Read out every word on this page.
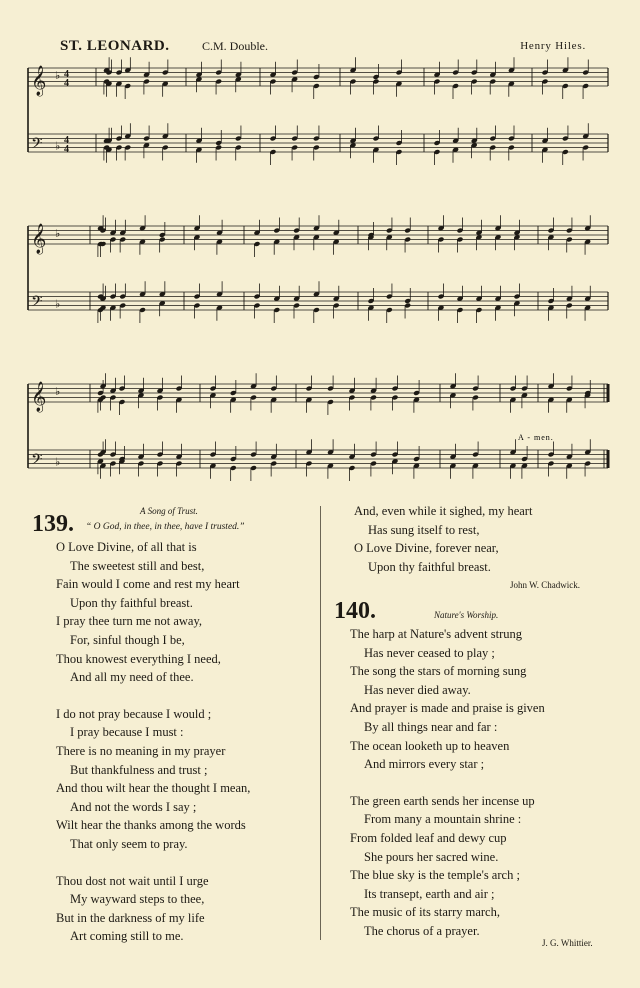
ST. LEONARD.	C.M. Double.	Henry Hiles.
A - men.
𝄞 4
4
♭
𝄢 4
4
♭
𝄞 ♭
𝄢 ♭
𝄞 ♭
𝄢 ♭
A Song of Trust.
139. “ O God, in thee, in thee, have I trusted.”
O Love Divine, of all that is
The sweetest still and best,
Fain would I come and rest my heart
Upon thy faithful breast.
I pray thee turn me not away,
For, sinful though I be,
Thou knowest everything I need,
And all my need of thee.
I do not pray because I would ;
I pray because I must :
There is no meaning in my prayer
But thankfulness and trust ;
And thou wilt hear the thought I mean,
And not the words I say ;
Wilt hear the thanks among the words
That only seem to pray.
Thou dost not wait until I urge
My wayward steps to thee,
But in the darkness of my life
Art coming still to me.
And, even while it sighed, my heart
Has sung itself to rest,
O Love Divine, forever near,
Upon thy faithful breast.
John W. Chadwick.
140.	Nature's Worship.
The harp at Nature's advent strung
Has never ceased to play ;
The song the stars of morning sung
Has never died away.
And prayer is made and praise is given
By all things near and far :
The ocean looketh up to heaven
And mirrors every star ;
The green earth sends her incense up
From many a mountain shrine :
From folded leaf and dewy cup
She pours her sacred wine.
The blue sky is the temple's arch ;
Its transept, earth and air ;
The music of its starry march,
The chorus of a prayer.
J. G. Whittier.
